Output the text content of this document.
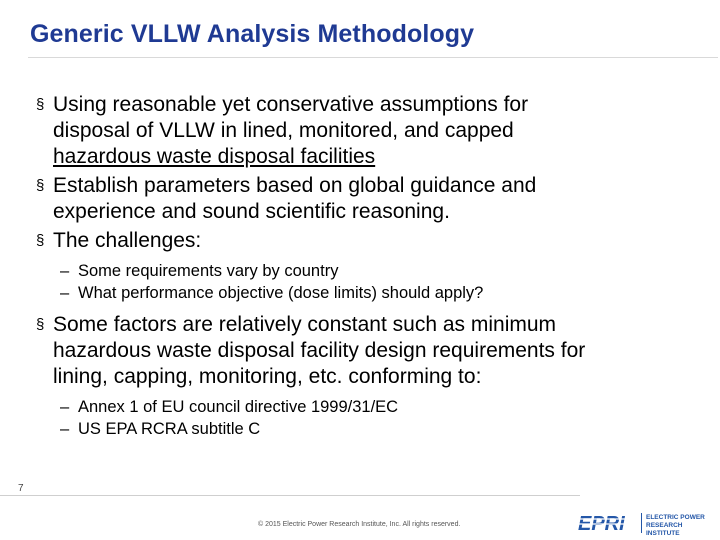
Generic VLLW Analysis Methodology
§ Using reasonable yet conservative assumptions for
disposal of VLLW in lined, monitored, and capped
hazardous waste disposal facilities
§ Establish parameters based on global guidance and
experience and sound scientific reasoning.
§ The challenges:
– Some requirements vary by country
– What performance objective (dose limits) should apply?
§ Some factors are relatively constant such as minimum
hazardous waste disposal facility design requirements for
lining, capping, monitoring, etc. conforming to:
– Annex 1 of EU council directive 1999/31/EC
– US EPA RCRA subtitle C
7
© 2015 Electric Power Research Institute, Inc. All rights reserved.	EPRI	ELECTRIC POWER
RESEARCH INSTITUTE
